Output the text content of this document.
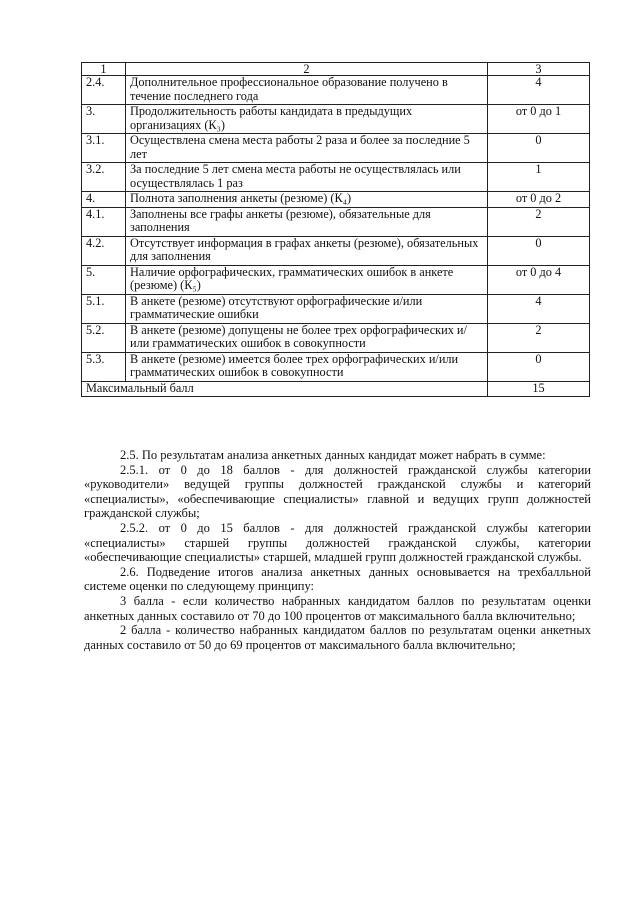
1	2	3
2.4.	Дополнительное профессиональное образование получено в течение последнего года	4
3.	Продолжительность работы кандидата в предыдущих организациях (К₃)	от 0 до 1
3.1.	Осуществлена смена места работы 2 раза и более за последние 5 лет	0
3.2.	За последние 5 лет смена места работы не осуществлялась или осуществлялась 1 раз	1
4.	Полнота заполнения анкеты (резюме) (К₄)	от 0 до 2
4.1.	Заполнены все графы анкеты (резюме), обязательные для заполнения	2
4.2.	Отсутствует информация в графах анкеты (резюме), обязательных для заполнения	0
5.	Наличие орфографических, грамматических ошибок в анкете (резюме) (К₅)	от 0 до 4
5.1.	В анкете (резюме) отсутствуют орфографические и/или грамматические ошибки	4
5.2.	В анкете (резюме) допущены не более трех орфографических и/или грамматических ошибок в совокупности	2
5.3.	В анкете (резюме) имеется более трех орфографических и/или грамматических ошибок в совокупности	0
Максимальный балл		15

2.5. По результатам анализа анкетных данных кандидат может набрать в сумме:

2.5.1. от 0 до 18 баллов - для должностей гражданской службы категории «руководители» ведущей группы должностей гражданской службы и категорий «специалисты», «обеспечивающие специалисты» главной и ведущих групп должностей гражданской службы;

2.5.2. от 0 до 15 баллов - для должностей гражданской службы категории «специалисты» старшей группы должностей гражданской службы, категории «обеспечивающие специалисты» старшей, младшей групп должностей гражданской службы.

2.6. Подведение итогов анализа анкетных данных основывается на трехбалльной системе оценки по следующему принципу:

3 балла - если количество набранных кандидатом баллов по результатам оценки анкетных данных составило от 70 до 100 процентов от максимального балла включительно;

2 балла - количество набранных кандидатом баллов по результатам оценки анкетных данных составило от 50 до 69 процентов от максимального балла включительно;
